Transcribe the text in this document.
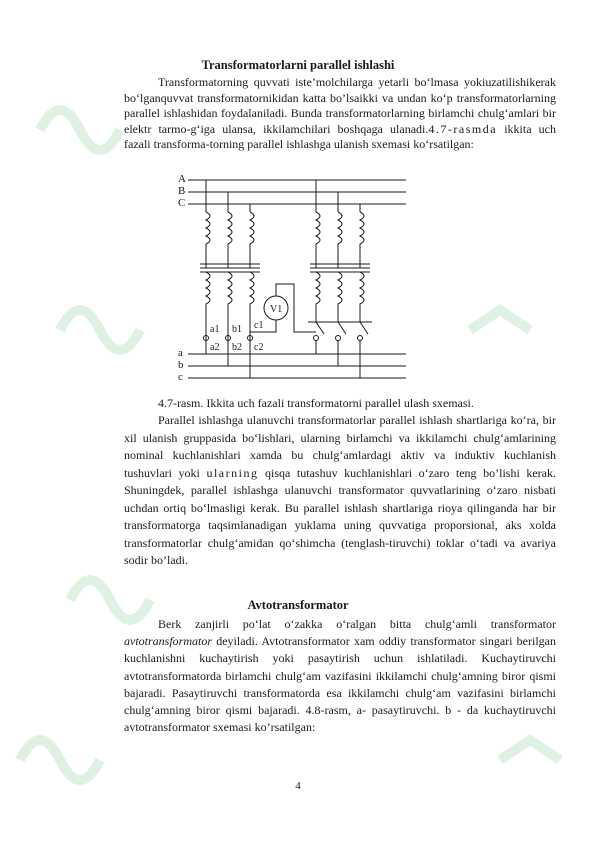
Transformatorlarni parallel ishlashi

Transformatorning quvvati iste’molchilarga yetarli bo‘lmasa yokiuzatilishikerak bo‘lganquvvat transformatornikidan katta bo’lsaikki va undan ko‘p transformatorlarning parallel ishlashidan foydalaniladi. Bunda transformatorlarning birlamchi chulg‘amlari bir elektr tarmo-g‘iga ulansa, ikkilamchilari boshqaga ulanadi.4.7-rasmda ikkita uch fazali transforma-torning parallel ishlashga ulanish sxemasi ko‘rsatilgan:

A
B
C
a
b
c
V1
a1 b1 c1
a2 b2 c2
4.7-rasm. Ikkita uch fazali transformatorni parallel ulash sxemasi.

Parallel ishlashga ulanuvchi transformatorlar parallel ishlash shartlariga ko‘ra, bir xil ulanish gruppasida bo‘lishlari, ularning birlamchi va ikkilamchi chulg‘amlarining nominal kuchlanishlari xamda bu chulg‘amlardagi aktiv va induktiv kuchlanish tushuvlari yoki ularning qisqa tutashuv kuchlanishlari o‘zaro teng bo’lishi kerak. Shuningdek, parallel ishlashga ulanuvchi transformator quvvatlarining o‘zaro nisbati uchdan ortiq bo‘lmasligi kerak. Bu parallel ishlash shartlariga rioya qilinganda har bir transformatorga taqsimlanadigan yuklama uning quvvatiga proporsional, aks xolda transformatorlar chulg‘amidan qo‘shimcha (tenglash-tiruvchi) toklar o‘tadi va avariya sodir bo’ladi.

Avtotransformator

Berk zanjirli po‘lat o‘zakka o‘ralgan bitta chulg‘amli transformator avtotransformator deyiladi. Avtotransformator xam oddiy transformator singari berilgan kuchlanishni kuchaytirish yoki pasaytirish uchun ishlatiladi. Kuchaytiruvchi avtotransformatorda birlamchi chulg‘am vazifasini ikkilamchi chulg‘amning biror qismi bajaradi. Pasaytiruvchi transformatorda esa ikkilamchi chulg‘am vazifasini birlamchi chulg‘amning biror qismi bajaradi. 4.8-rasm, a- pasaytiruvchi. b - da kuchaytiruvchi avtotransformator sxemasi ko’rsatilgan:

4
